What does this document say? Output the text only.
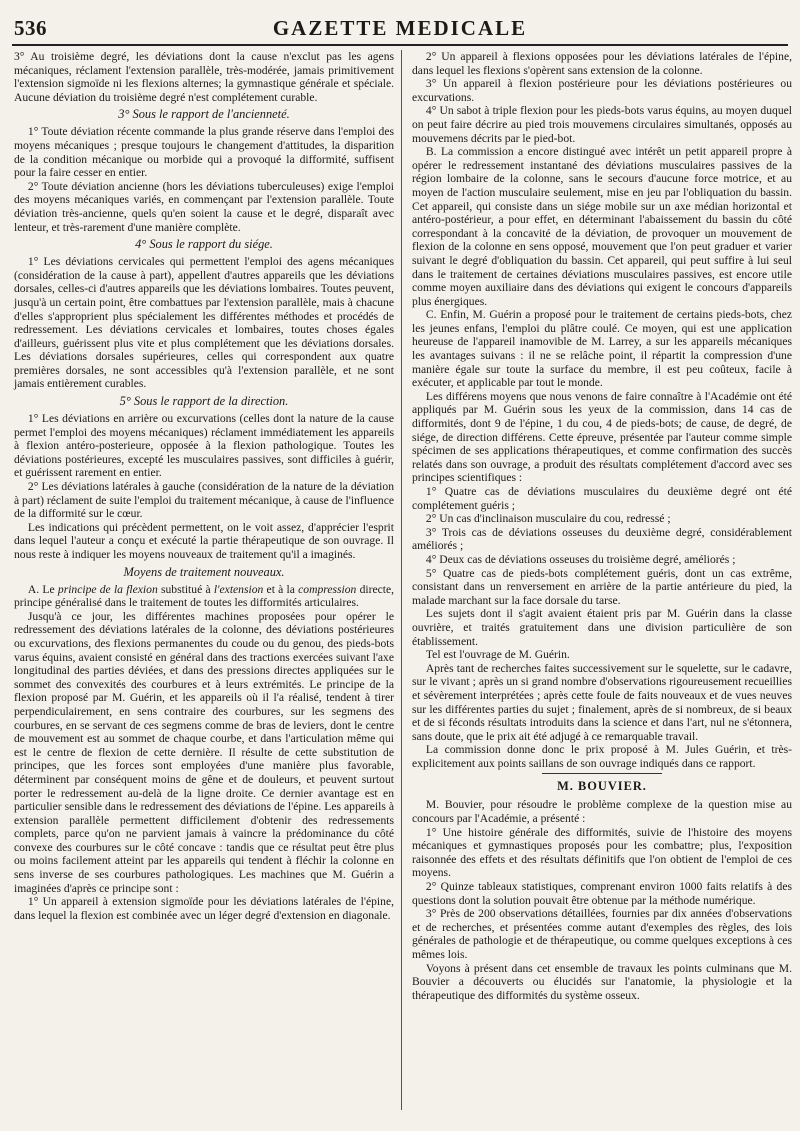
536	GAZETTE MEDICALE

3° Au troisième degré, les déviations dont la cause n'exclut pas les agens mécaniques, réclament l'extension parallèle, très-modérée, jamais primitivement l'extension sigmoïde ni les flexions alternes; la gymnastique générale et spéciale. Aucune déviation du troisième degré n'est complétement curable.

3° Sous le rapport de l'ancienneté.

1° Toute déviation récente commande la plus grande réserve dans l'emploi des moyens mécaniques ; presque toujours le changement d'attitudes, la disparition de la condition mécanique ou morbide qui a provoqué la difformité, suffisent pour la faire cesser en entier.

2° Toute déviation ancienne (hors les déviations tuberculeuses) exige l'emploi des moyens mécaniques variés, en commençant par l'extension parallèle. Toute déviation très-ancienne, quels qu'en soient la cause et le degré, disparaît avec lenteur, et très-rarement d'une manière complète.

4° Sous le rapport du siége.

1° Les déviations cervicales qui permettent l'emploi des agens mécaniques (considération de la cause à part), appellent d'autres appareils que les déviations dorsales, celles-ci d'autres appareils que les déviations lombaires. Toutes peuvent, jusqu'à un certain point, être combattues par l'extension parallèle, mais à chacune d'elles s'approprient plus spécialement les différentes méthodes et procédés de redressement. Les déviations cervicales et lombaires, toutes choses égales d'ailleurs, guérissent plus vite et plus complétement que les déviations dorsales. Les déviations dorsales supérieures, celles qui correspondent aux quatre premières dorsales, ne sont accessibles qu'à l'extension parallèle, et ne sont jamais entièrement curables.

5° Sous le rapport de la direction.

1° Les déviations en arrière ou excurvations (celles dont la nature de la cause permet l'emploi des moyens mécaniques) réclament immédiatement les appareils à flexion antéro-posterieure, opposée à la flexion pathologique. Toutes les déviations postérieures, excepté les musculaires passives, sont difficiles à guérir, et guérissent rarement en entier.

2° Les déviations latérales à gauche (considération de la nature de la déviation à part) réclament de suite l'emploi du traitement mécanique, à cause de l'influence de la difformité sur le cœur.

Les indications qui précèdent permettent, on le voit assez, d'apprécier l'esprit dans lequel l'auteur a conçu et exécuté la partie thérapeutique de son ouvrage. Il nous reste à indiquer les moyens nouveaux de traitement qu'il a imaginés.

Moyens de traitement nouveaux.

A. Le principe de la flexion substitué à l'extension et à la compression directe, principe généralisé dans le traitement de toutes les difformités articulaires.

Jusqu'à ce jour, les différentes machines proposées pour opérer le redressement des déviations latérales de la colonne, des déviations postérieures ou excurvations, des flexions permanentes du coude ou du genou, des pieds-bots varus équins, avaient consisté en général dans des tractions exercées suivant l'axe longitudinal des parties déviées, et dans des pressions directes appliquées sur le sommet des convexités des courbures et à leurs extrémités. Le principe de la flexion proposé par M. Guérin, et les appareils où il l'a réalisé, tendent à tirer perpendiculairement, en sens contraire des courbures, sur les segmens des courbures, en se servant de ces segmens comme de bras de leviers, dont le centre de mouvement est au sommet de chaque courbe, et dans l'articulation même qui est le centre de flexion de cette dernière. Il résulte de cette substitution de principes, que les forces sont employées d'une manière plus favorable, déterminent par conséquent moins de gêne et de douleurs, et peuvent surtout porter le redressement au-delà de la ligne droite. Ce dernier avantage est en particulier sensible dans le redressement des déviations de l'épine. Les appareils à extension parallèle permettent difficilement d'obtenir des redressements complets, parce qu'on ne parvient jamais à vaincre la prédominance du côté convexe des courbures sur le côté concave : tandis que ce résultat peut être plus ou moins facilement atteint par les appareils qui tendent à fléchir la colonne en sens inverse de ses courbures pathologiques. Les machines que M. Guérin a imaginées d'après ce principe sont :

1° Un appareil à extension sigmoïde pour les déviations latérales de l'épine, dans lequel la flexion est combinée avec un léger degré d'extension en diagonale.

2° Un appareil à flexions opposées pour les déviations latérales de l'épine, dans lequel les flexions s'opèrent sans extension de la colonne.

3° Un appareil à flexion postérieure pour les déviations postérieures ou excurvations.

4° Un sabot à triple flexion pour les pieds-bots varus équins, au moyen duquel on peut faire décrire au pied trois mouvemens circulaires simultanés, opposés au mouvemens décrits par le pied-bot.

B. La commission a encore distingué avec intérêt un petit appareil propre à opérer le redressement instantané des déviations musculaires passives de la région lombaire de la colonne, sans le secours d'aucune force motrice, et au moyen de l'action musculaire seulement, mise en jeu par l'obliquation du bassin. Cet appareil, qui consiste dans un siége mobile sur un axe médian horizontal et antéro-postérieur, a pour effet, en déterminant l'abaissement du bassin du côté correspondant à la concavité de la déviation, de provoquer un mouvement de flexion de la colonne en sens opposé, mouvement que l'on peut graduer et varier suivant le degré d'obliquation du bassin. Cet appareil, qui peut suffire à lui seul dans le traitement de certaines déviations musculaires passives, est encore utile comme moyen auxiliaire dans des déviations qui exigent le concours d'appareils plus énergiques.

C. Enfin, M. Guérin a proposé pour le traitement de certains pieds-bots, chez les jeunes enfans, l'emploi du plâtre coulé. Ce moyen, qui est une application heureuse de l'appareil inamovible de M. Larrey, a sur les appareils mécaniques les avantages suivans : il ne se relâche point, il répartit la compression d'une manière égale sur toute la surface du membre, il est peu coûteux, facile à exécuter, et applicable par tout le monde.

Les différens moyens que nous venons de faire connaître à l'Académie ont été appliqués par M. Guérin sous les yeux de la commission, dans 14 cas de difformités, dont 9 de l'épine, 1 du cou, 4 de pieds-bots; de cause, de degré, de siége, de direction différens. Cette épreuve, présentée par l'auteur comme simple spécimen de ses applications thérapeutiques, et comme confirmation des succès relatés dans son ouvrage, a produit des résultats complétement d'accord avec ses principes scientifiques :

1° Quatre cas de déviations musculaires du deuxième degré ont été complétement guéris ;

2° Un cas d'inclinaison musculaire du cou, redressé ;

3° Trois cas de déviations osseuses du deuxième degré, considérablement améliorés ;

4° Deux cas de déviations osseuses du troisième degré, améliorés ;

5° Quatre cas de pieds-bots complétement guéris, dont un cas extrême, consistant dans un renversement en arrière de la partie antérieure du pied, la malade marchant sur la face dorsale du tarse.

Les sujets dont il s'agit avaient étaient pris par M. Guérin dans la classe ouvrière, et traités gratuitement dans une division particulière de son établissement.

Tel est l'ouvrage de M. Guérin.

Après tant de recherches faites successivement sur le squelette, sur le cadavre, sur le vivant ; après un si grand nombre d'observations rigoureusement recueillies et sévèrement interprétées ; après cette foule de faits nouveaux et de vues neuves sur les différentes parties du sujet ; finalement, après de si nombreux, de si beaux et de si féconds résultats introduits dans la science et dans l'art, nul ne s'étonnera, sans doute, que le prix ait été adjugé à ce remarquable travail.

La commission donne donc le prix proposé à M. Jules Guérin, et très-explicitement aux points saillans de son ouvrage indiqués dans ce rapport.

M. BOUVIER.

M. Bouvier, pour résoudre le problème complexe de la question mise au concours par l'Académie, a présenté :

1° Une histoire générale des difformités, suivie de l'histoire des moyens mécaniques et gymnastiques proposés pour les combattre; plus, l'exposition raisonnée des effets et des résultats définitifs que l'on obtient de l'emploi de ces moyens.

2° Quinze tableaux statistiques, comprenant environ 1000 faits relatifs à des questions dont la solution pouvait être obtenue par la méthode numérique.

3° Près de 200 observations détaillées, fournies par dix années d'observations et de recherches, et présentées comme autant d'exemples des règles, des lois générales de pathologie et de thérapeutique, ou comme quelques exceptions à ces mêmes lois.

Voyons à présent dans cet ensemble de travaux les points culminans que M. Bouvier a découverts ou élucidés sur l'anatomie, la physiologie et la thérapeutique des difformités du système osseux.
